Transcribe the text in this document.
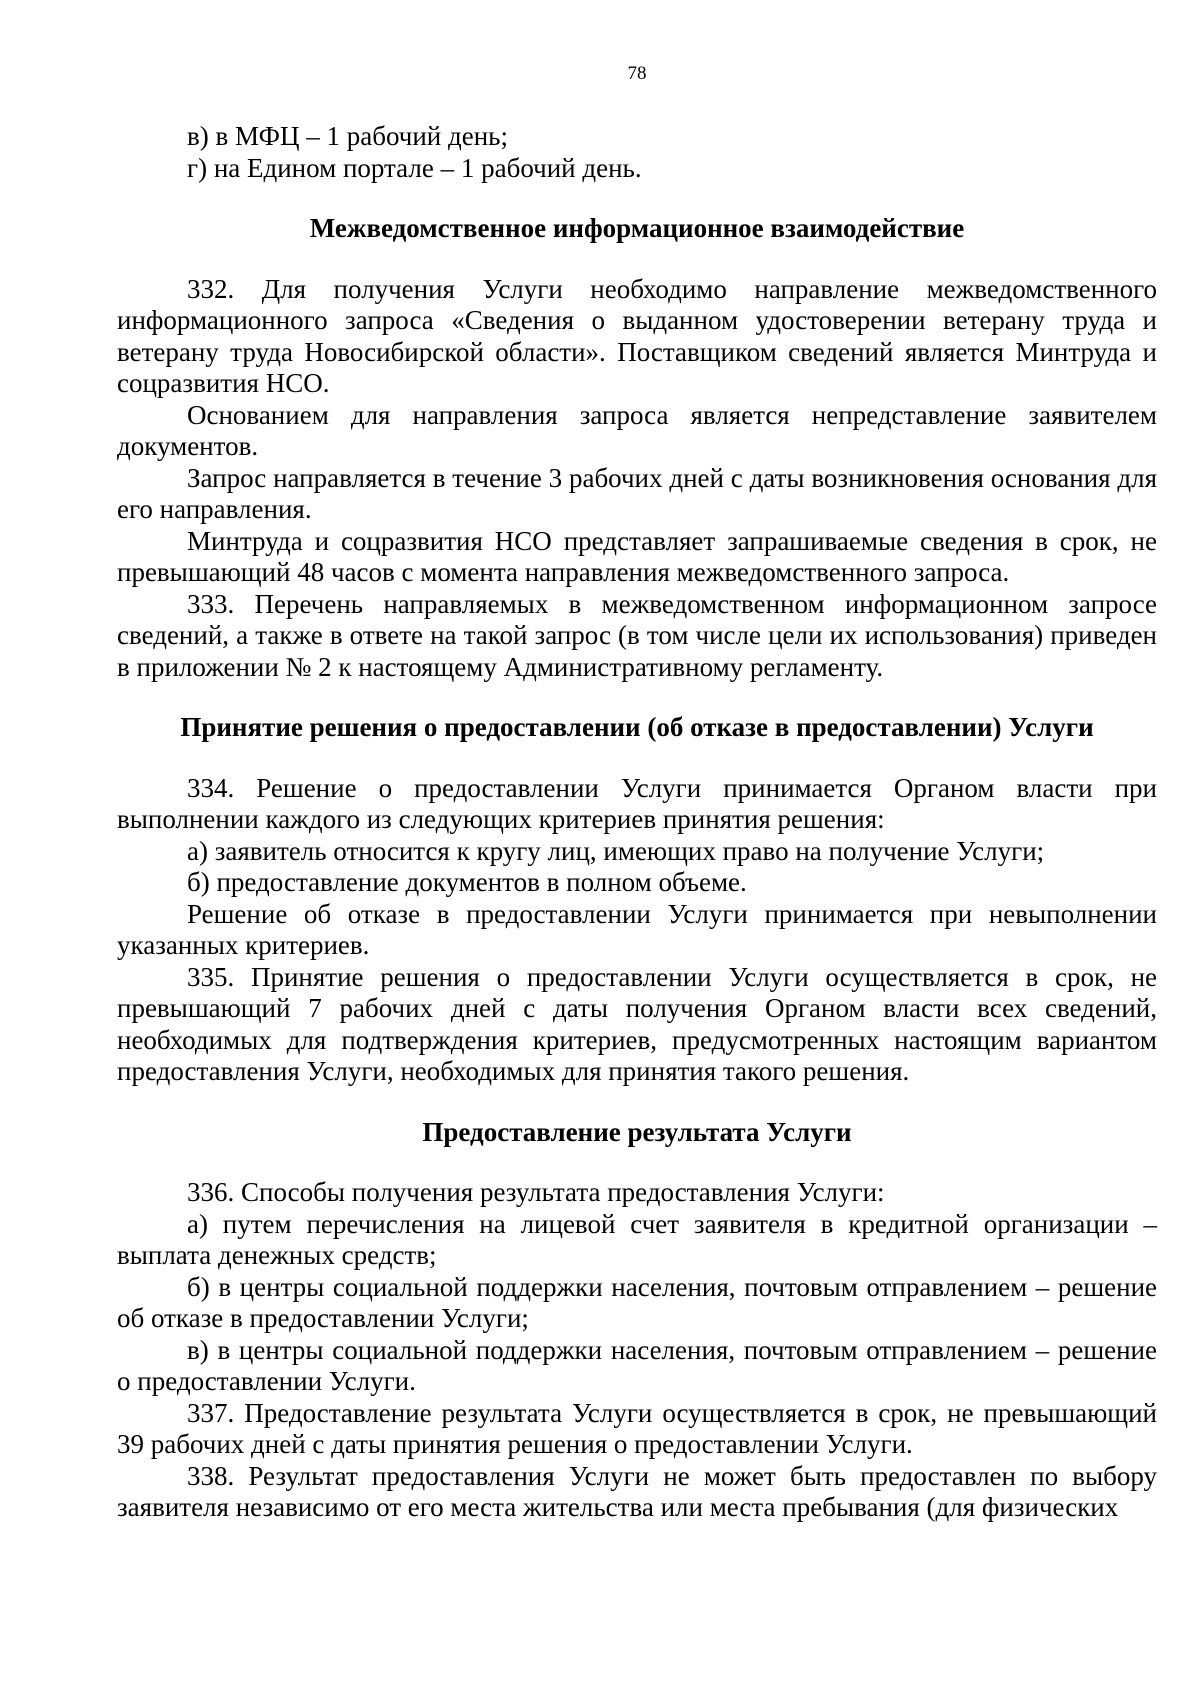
78

в) в МФЦ – 1 рабочий день;

г) на Едином портале – 1 рабочий день.

Межведомственное информационное взаимодействие

332. Для получения Услуги необходимо направление межведомственного информационного запроса «Сведения о выданном удостоверении ветерану труда и ветерану труда Новосибирской области». Поставщиком сведений является Минтруда и соцразвития НСО.

Основанием для направления запроса является непредставление заявителем документов.

Запрос направляется в течение 3 рабочих дней с даты возникновения основания для его направления.

Минтруда и соцразвития НСО представляет запрашиваемые сведения в срок, не превышающий 48 часов с момента направления межведомственного запроса.

333. Перечень направляемых в межведомственном информационном запросе сведений, а также в ответе на такой запрос (в том числе цели их использования) приведен в приложении № 2 к настоящему Административному регламенту.

Принятие решения о предоставлении (об отказе в предоставлении) Услуги

334. Решение о предоставлении Услуги принимается Органом власти при выполнении каждого из следующих критериев принятия решения:

а) заявитель относится к кругу лиц, имеющих право на получение Услуги;

б) предоставление документов в полном объеме.

Решение об отказе в предоставлении Услуги принимается при невыполнении указанных критериев.

335. Принятие решения о предоставлении Услуги осуществляется в срок, не превышающий 7 рабочих дней с даты получения Органом власти всех сведений, необходимых для подтверждения критериев, предусмотренных настоящим вариантом предоставления Услуги, необходимых для принятия такого решения.

Предоставление результата Услуги

336. Способы получения результата предоставления Услуги:

а) путем перечисления на лицевой счет заявителя в кредитной организации – выплата денежных средств;

б) в центры социальной поддержки населения, почтовым отправлением – решение об отказе в предоставлении Услуги;

в) в центры социальной поддержки населения, почтовым отправлением – решение о предоставлении Услуги.

337. Предоставление результата Услуги осуществляется в срок, не превышающий 39 рабочих дней с даты принятия решения о предоставлении Услуги.

338. Результат предоставления Услуги не может быть предоставлен по выбору заявителя независимо от его места жительства или места пребывания (для физических
